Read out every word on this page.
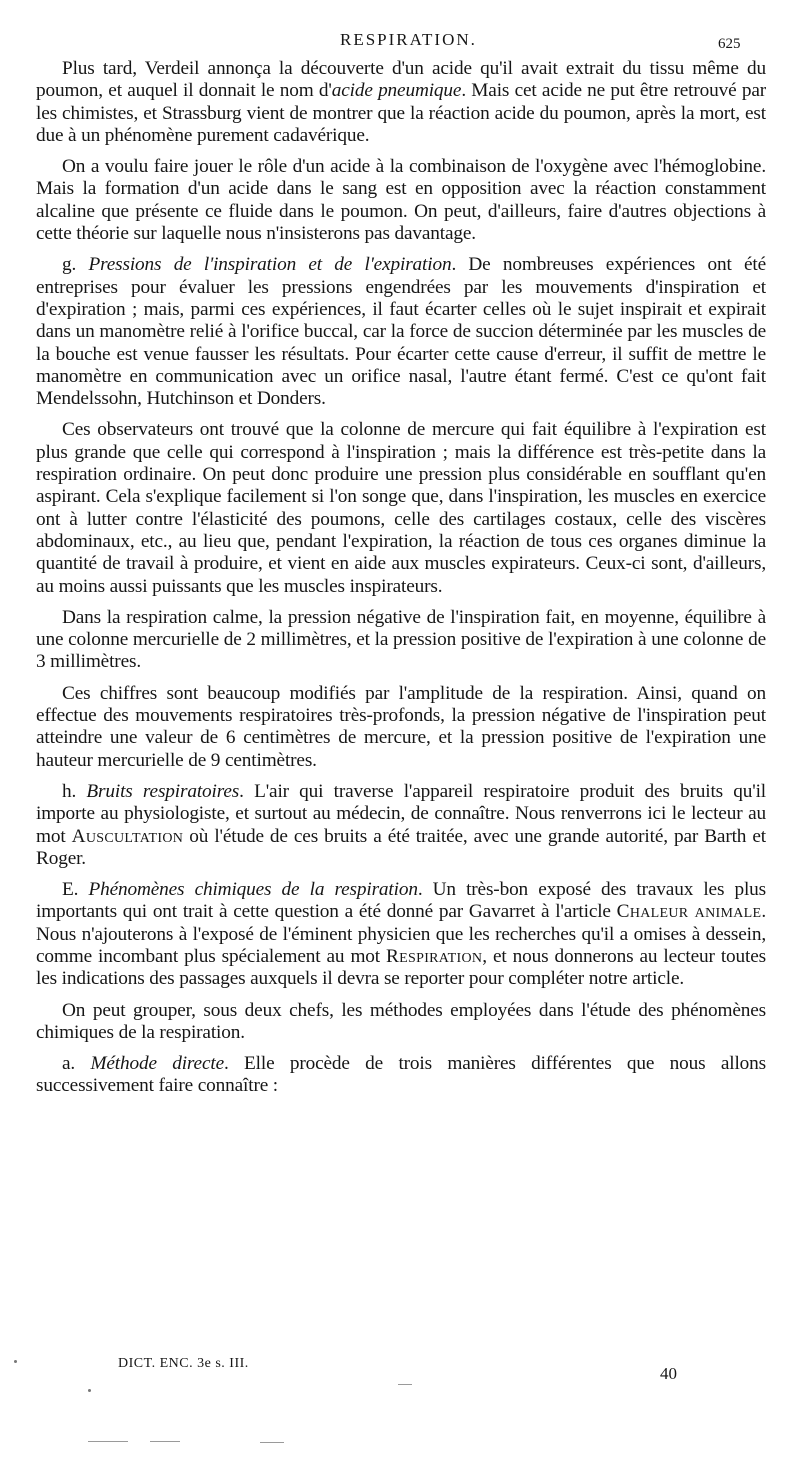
RESPIRATION.	625

Plus tard, Verdeil annonça la découverte d'un acide qu'il avait extrait du tissu même du poumon, et auquel il donnait le nom d'acide pneumique. Mais cet acide ne put être retrouvé par les chimistes, et Strassburg vient de montrer que la réaction acide du poumon, après la mort, est due à un phénomène purement cadavérique.

On a voulu faire jouer le rôle d'un acide à la combinaison de l'oxygène avec l'hémoglobine. Mais la formation d'un acide dans le sang est en opposition avec la réaction constamment alcaline que présente ce fluide dans le poumon. On peut, d'ailleurs, faire d'autres objections à cette théorie sur laquelle nous n'insisterons pas davantage.

g. Pressions de l'inspiration et de l'expiration. De nombreuses expériences ont été entreprises pour évaluer les pressions engendrées par les mouvements d'inspiration et d'expiration ; mais, parmi ces expériences, il faut écarter celles où le sujet inspirait et expirait dans un manomètre relié à l'orifice buccal, car la force de succion déterminée par les muscles de la bouche est venue fausser les résultats. Pour écarter cette cause d'erreur, il suffit de mettre le manomètre en communication avec un orifice nasal, l'autre étant fermé. C'est ce qu'ont fait Mendelssohn, Hutchinson et Donders.

Ces observateurs ont trouvé que la colonne de mercure qui fait équilibre à l'expiration est plus grande que celle qui correspond à l'inspiration ; mais la différence est très-petite dans la respiration ordinaire. On peut donc produire une pression plus considérable en soufflant qu'en aspirant. Cela s'explique facilement si l'on songe que, dans l'inspiration, les muscles en exercice ont à lutter contre l'élasticité des poumons, celle des cartilages costaux, celle des viscères abdominaux, etc., au lieu que, pendant l'expiration, la réaction de tous ces organes diminue la quantité de travail à produire, et vient en aide aux muscles expirateurs. Ceux-ci sont, d'ailleurs, au moins aussi puissants que les muscles inspirateurs.

Dans la respiration calme, la pression négative de l'inspiration fait, en moyenne, équilibre à une colonne mercurielle de 2 millimètres, et la pression positive de l'expiration à une colonne de 3 millimètres.

Ces chiffres sont beaucoup modifiés par l'amplitude de la respiration. Ainsi, quand on effectue des mouvements respiratoires très-profonds, la pression négative de l'inspiration peut atteindre une valeur de 6 centimètres de mercure, et la pression positive de l'expiration une hauteur mercurielle de 9 centimètres.

h. Bruits respiratoires. L'air qui traverse l'appareil respiratoire produit des bruits qu'il importe au physiologiste, et surtout au médecin, de connaître. Nous renverrons ici le lecteur au mot Auscultation où l'étude de ces bruits a été traitée, avec une grande autorité, par Barth et Roger.

E. Phénomènes chimiques de la respiration. Un très-bon exposé des travaux les plus importants qui ont trait à cette question a été donné par Gavarret à l'article Chaleur animale. Nous n'ajouterons à l'exposé de l'éminent physicien que les recherches qu'il a omises à dessein, comme incombant plus spécialement au mot Respiration, et nous donnerons au lecteur toutes les indications des passages auxquels il devra se reporter pour compléter notre article.

On peut grouper, sous deux chefs, les méthodes employées dans l'étude des phénomènes chimiques de la respiration.

a. Méthode directe. Elle procède de trois manières différentes que nous allons successivement faire connaître :

DICT. ENC. 3e s. III.
40
